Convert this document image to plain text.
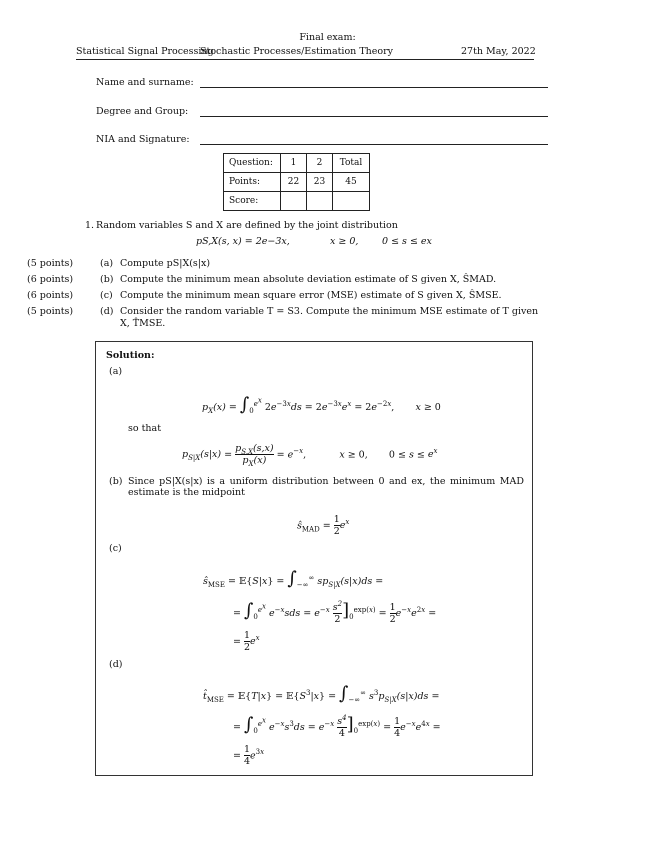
Final exam:
Statistical Signal Processing
Stochastic Processes/Estimation Theory	27th May, 2022
Name and surname:
Degree and Group:
NIA and Signature:
Question:	1	2	Total
Points:	22	23	45
Score:			
1. Random variables S and X are defined by the joint distribution
pS,X(s, x) = 2e−3x,	x ≥ 0, 0 ≤ s ≤ ex
(5 points)	(a) Compute pS|X(s|x)
(6 points)	(b) Compute the minimum mean absolute deviation estimate of S given X, ŜMAD.
(6 points)	(c) Compute the minimum mean square error (MSE) estimate of S given X, ŜMSE.
(5 points)	(d) Consider the random variable T = S3. Compute the minimum MSE estimate of T given
X, T̂MSE.
Solution:
(a)
$p_X(x) = \int_0^{e^x}$ $2e^{-3x}ds = 2e^{-3x}e^x = 2e^{-2x}$,       x ≥ 0
so that
$p_{S|X}(s|x) = \frac{p_{S,X}(s,x)}{p_X(x)} = e^{-x}$,           x ≥ 0,       $0 \le s \le e^x$
(b) Since pS|X(s|x) is a uniform distribution between 0 and ex, the minimum MAD estimate is the midpoint
$ŝ_{MAD} = \frac{1}{2} e^x$
(c)
$ŝ_{MSE}$ = 𝔼{S|x} = $\int_{-\infty}^\infty$ $sp_{S|X}(s|x)ds$ =
= $\int_0^{e^x}$ $e^{-x}sds = e^{-x} \frac{s^2}{2} ]_0^{exp(x)} = \frac{1}{2} e^{-x}e^{2x}$ =
= $\frac{1}{2} e^x$
(d)
$t̂_{MSE}$ = 𝔼{T|x} = $𝔼\{S^3|x\} = \int_{-\infty}^\infty$ $s^3p_{S|X}(s|x)ds$ =
= $\int_0^{e^x}$ $e^{-x}s^3ds = e^{-x} \frac{s^4}{4} ]_0^{exp(x)} = \frac{1}{4} e^{-x}e^{4x}$ =
= $\frac{1}{4} e^{3x}$
